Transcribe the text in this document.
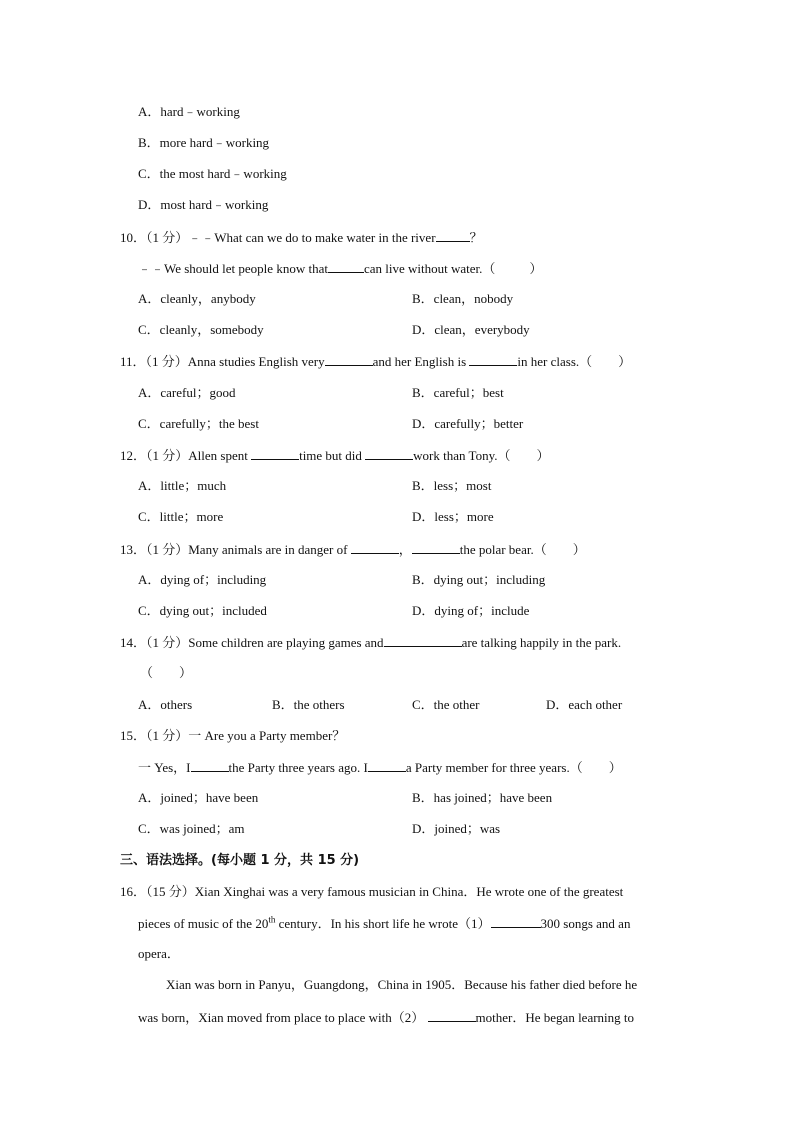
A．hard﹣working
B．more hard﹣working
C．the most hard﹣working
D．most hard﹣working
10．（1 分）﹣﹣What can we do to make water in the river	？
﹣﹣We should let people know that	can live without water.（	）
A．cleanly，anybody	B．clean，nobody
C．cleanly，somebody	D．clean，everybody
11．（1 分）Anna studies English very	and her English is	in her class.（ ）
A．careful；good	B．careful；best
C．carefully；the best	D．carefully；better
12．（1 分）Allen spent	time but did	work than Tony.（ ）
A．little；much	B．less；most
C．little；more	D．less；more
13．（1 分）Many animals are in danger of	，	the polar bear.（ ）
A．dying of；including	B．dying out；including
C．dying out；included	D．dying of；include
14．（1 分）Some children are playing games and	are talking happily in the park.
（ ）
A．others	B．the others	C．the other	D．each other
15．（1 分）一 Are you a Party member？
一 Yes，I	the Party three years ago. I	a Party member for three years.（ ）
A．joined；have been	B．has joined；have been
C．was joined；am	D．joined；was
三、语法选择。(每小题 1 分，共 15 分)
16．（15 分）Xian Xinghai was a very famous musician in China．He wrote one of the greatest
pieces of music of the 20th century．In his short life he wrote（1）	300 songs and an
opera．
Xian was born in Panyu，Guangdong，China in 1905．Because his father died before he
was born，Xian moved from place to place with（2）	mother．He began learning to
